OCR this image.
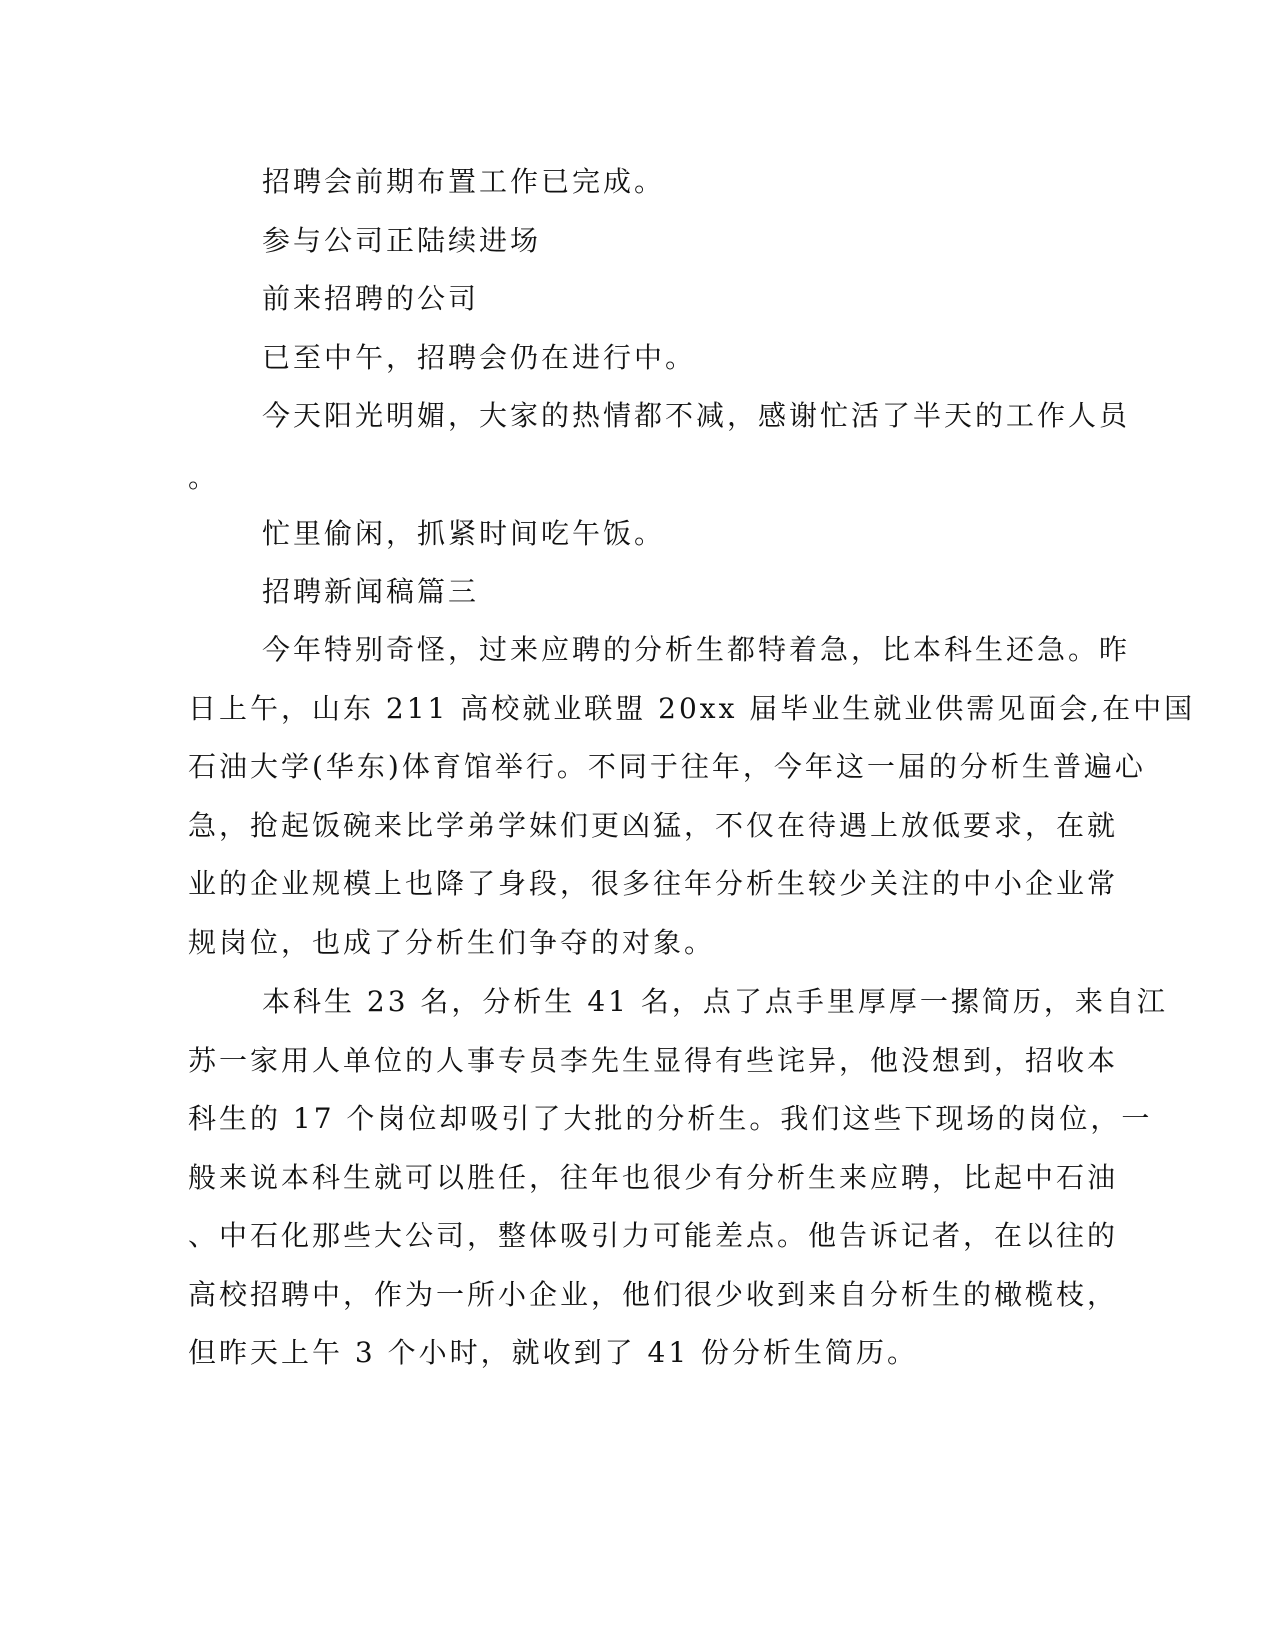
招聘会前期布置工作已完成。
参与公司正陆续进场
前来招聘的公司
已至中午，招聘会仍在进行中。
今天阳光明媚，大家的热情都不减，感谢忙活了半天的工作人员
。
忙里偷闲，抓紧时间吃午饭。
招聘新闻稿篇三
今年特别奇怪，过来应聘的分析生都特着急，比本科生还急。昨
日上午，山东 211 高校就业联盟 20xx 届毕业生就业供需见面会,在中国
石油大学(华东)体育馆举行。不同于往年，今年这一届的分析生普遍心
急，抢起饭碗来比学弟学妹们更凶猛，不仅在待遇上放低要求，在就
业的企业规模上也降了身段，很多往年分析生较少关注的中小企业常
规岗位，也成了分析生们争夺的对象。
本科生 23 名，分析生 41 名，点了点手里厚厚一摞简历，来自江
苏一家用人单位的人事专员李先生显得有些诧异，他没想到，招收本
科生的 17 个岗位却吸引了大批的分析生。我们这些下现场的岗位，一
般来说本科生就可以胜任，往年也很少有分析生来应聘，比起中石油
、中石化那些大公司，整体吸引力可能差点。他告诉记者，在以往的
高校招聘中，作为一所小企业，他们很少收到来自分析生的橄榄枝，
但昨天上午 3 个小时，就收到了 41 份分析生简历。
